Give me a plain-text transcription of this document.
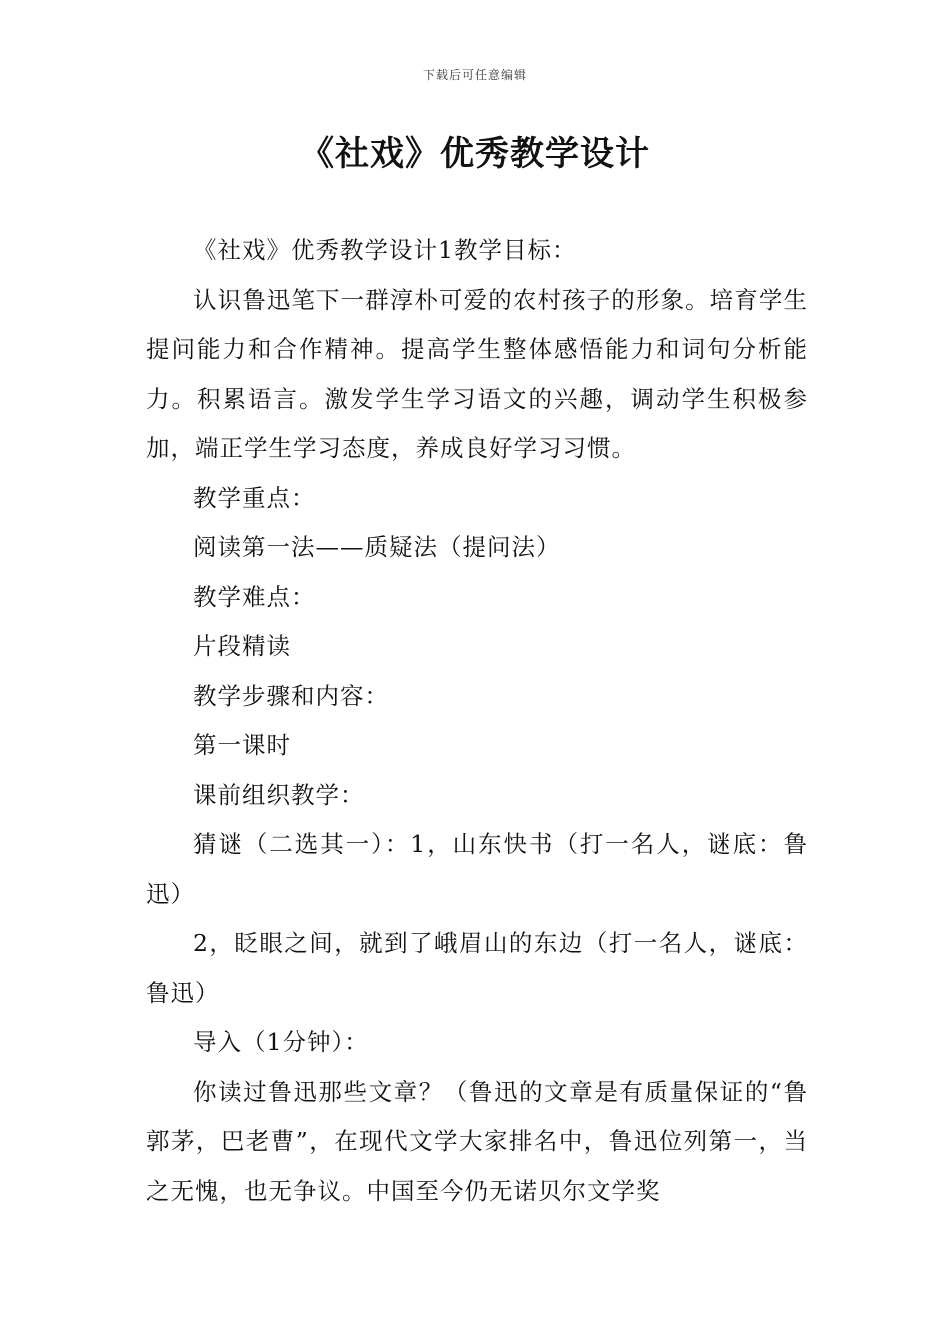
下载后可任意编辑
《社戏》优秀教学设计

《社戏》优秀教学设计1教学目标：

认识鲁迅笔下一群淳朴可爱的农村孩子的形象。培育学生提问能力和合作精神。提高学生整体感悟能力和词句分析能力。积累语言。激发学生学习语文的兴趣，调动学生积极参加，端正学生学习态度，养成良好学习习惯。

教学重点：

阅读第一法——质疑法（提问法）

教学难点：

片段精读

教学步骤和内容：

第一课时

课前组织教学：

猜谜（二选其一）：1，山东快书（打一名人，谜底：鲁迅）

2，眨眼之间，就到了峨眉山的东边（打一名人，谜底：鲁迅）

导入（1分钟）：

你读过鲁迅那些文章？（鲁迅的文章是有质量保证的“鲁郭茅，巴老曹”，在现代文学大家排名中，鲁迅位列第一，当之无愧，也无争议。中国至今仍无诺贝尔文学奖
